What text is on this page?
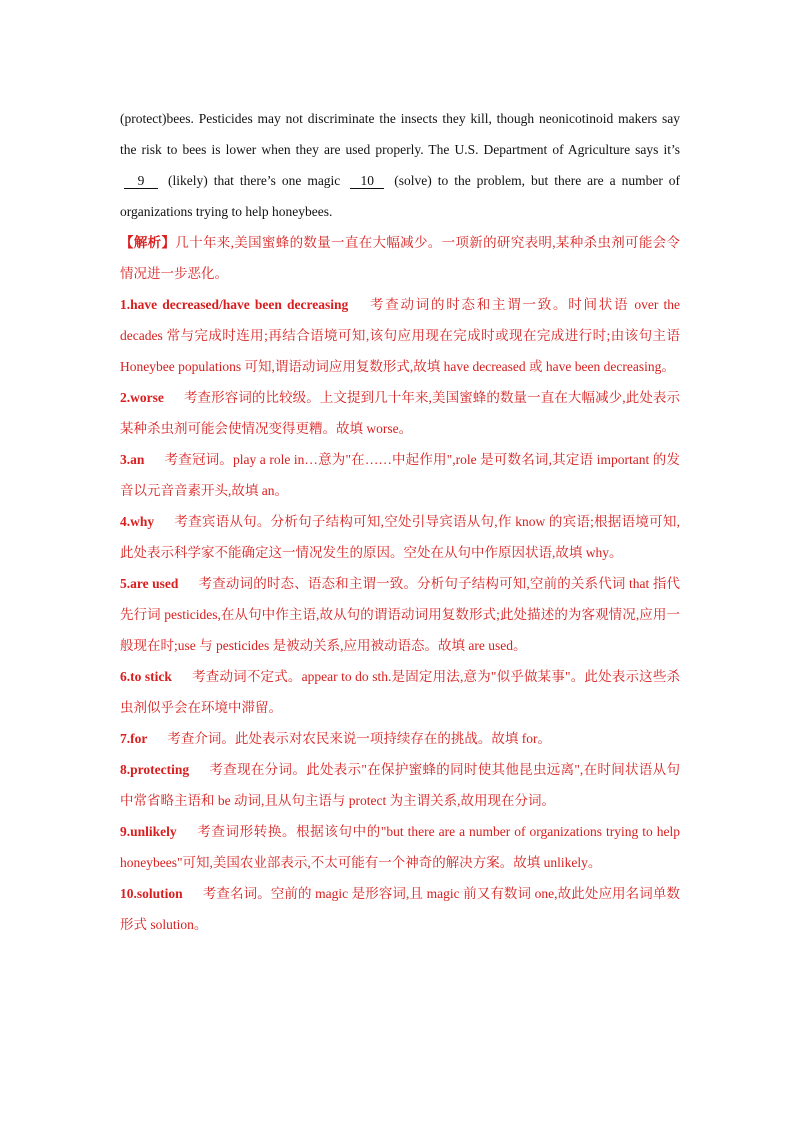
(protect)bees. Pesticides may not discriminate the insects they kill, though neonicotinoid makers say the risk to bees is lower when they are used properly. The U.S. Department of Agriculture says it’s 9 (likely) that there’s one magic 10 (solve) to the problem, but there are a number of organizations trying to help honeybees.

【解析】几十年来,美国蜜蜂的数量一直在大幅减少。一项新的研究表明,某种杀虫剂可能会令情况进一步恶化。

1.have decreased/have been decreasing 考查动词的时态和主谓一致。时间状语 over the decades 常与完成时连用;再结合语境可知,该句应用现在完成时或现在完成进行时;由该句主语 Honeybee populations 可知,谓语动词应用复数形式,故填 have decreased 或 have been decreasing。

2.worse 考查形容词的比较级。上文提到几十年来,美国蜜蜂的数量一直在大幅减少,此处表示某种杀虫剂可能会使情况变得更糟。故填 worse。

3.an 考查冠词。play a role in…意为"在……中起作用",role 是可数名词,其定语 important 的发音以元音音素开头,故填 an。

4.why 考查宾语从句。分析句子结构可知,空处引导宾语从句,作 know 的宾语;根据语境可知,此处表示科学家不能确定这一情况发生的原因。空处在从句中作原因状语,故填 why。

5.are used 考查动词的时态、语态和主谓一致。分析句子结构可知,空前的关系代词 that 指代先行词 pesticides,在从句中作主语,故从句的谓语动词用复数形式;此处描述的为客观情况,应用一般现在时;use 与 pesticides 是被动关系,应用被动语态。故填 are used。

6.to stick 考查动词不定式。appear to do sth.是固定用法,意为"似乎做某事"。此处表示这些杀虫剂似乎会在环境中滞留。

7.for 考查介词。此处表示对农民来说一项持续存在的挑战。故填 for。

8.protecting 考查现在分词。此处表示"在保护蜜蜂的同时使其他昆虫远离",在时间状语从句中常省略主语和 be 动词,且从句主语与 protect 为主谓关系,故用现在分词。

9.unlikely 考查词形转换。根据该句中的"but there are a number of organizations trying to help honeybees"可知,美国农业部表示,不太可能有一个神奇的解决方案。故填 unlikely。

10.solution 考查名词。空前的 magic 是形容词,且 magic 前又有数词 one,故此处应用名词单数形式 solution。
